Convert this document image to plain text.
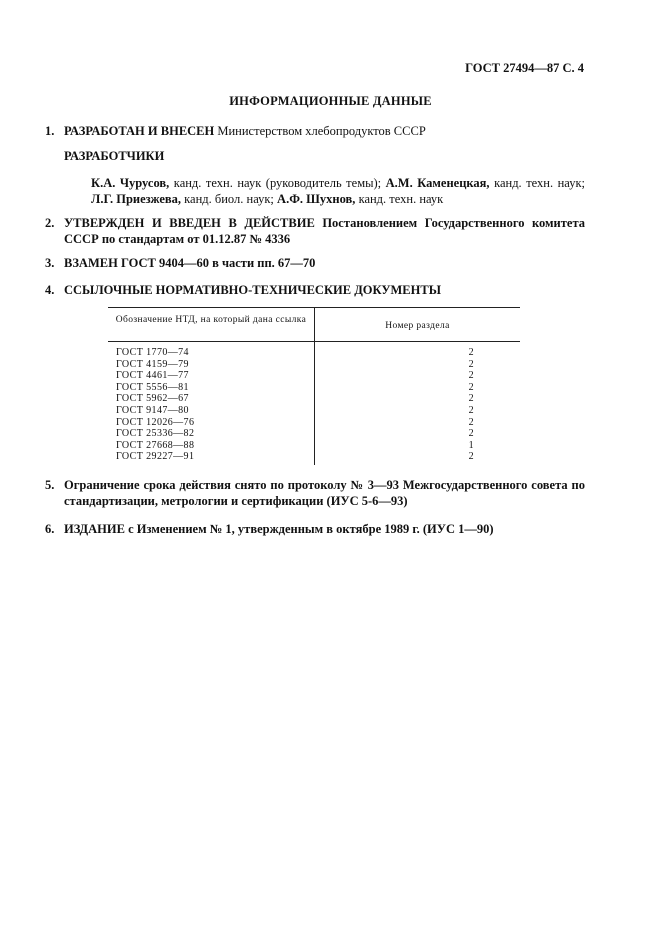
ГОСТ 27494—87 С. 4
ИНФОРМАЦИОННЫЕ ДАННЫЕ
1. РАЗРАБОТАН И ВНЕСЕН Министерством хлебопродуктов СССР
РАЗРАБОТЧИКИ
К.А. Чурусов, канд. техн. наук (руководитель темы); А.М. Каменецкая, канд. техн. наук;
Л.Г. Приезжева, канд. биол. наук; А.Ф. Шухнов, канд. техн. наук
2. УТВЕРЖДЕН И ВВЕДЕН В ДЕЙСТВИЕ Постановлением Государственного комитета СССР по стандартам от 01.12.87 № 4336
3. ВЗАМЕН ГОСТ 9404—60 в части пп. 67—70
4. ССЫЛОЧНЫЕ НОРМАТИВНО-ТЕХНИЧЕСКИЕ ДОКУМЕНТЫ
Обозначение НТД, на который дана ссылка
Номер раздела
ГОСТ 1770—74	2
ГОСТ 4159—79	2
ГОСТ 4461—77	2
ГОСТ 5556—81	2
ГОСТ 5962—67	2
ГОСТ 9147—80	2
ГОСТ 12026—76	2
ГОСТ 25336—82	2
ГОСТ 27668—88	1
ГОСТ 29227—91	2
5. Ограничение срока действия снято по протоколу № 3—93 Межгосударственного совета по стандартизации, метрологии и сертификации (ИУС 5-6—93)
6. ИЗДАНИЕ с Изменением № 1, утвержденным в октябре 1989 г. (ИУС 1—90)
